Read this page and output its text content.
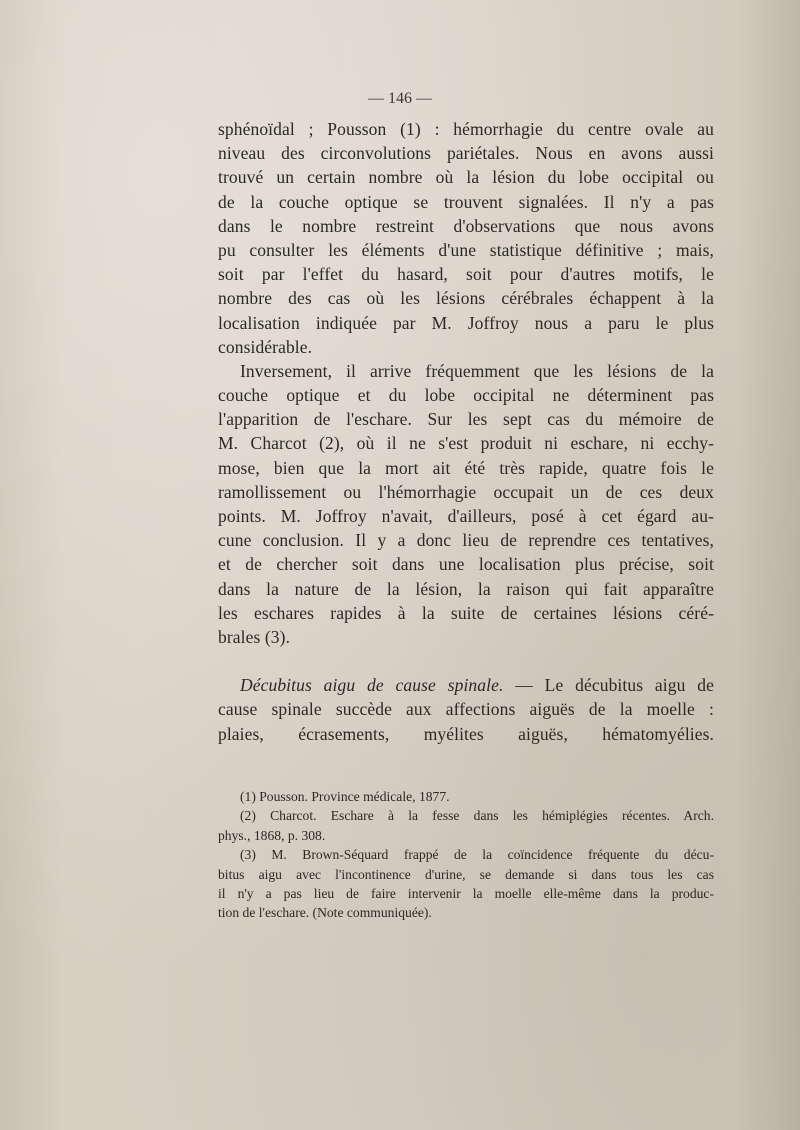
— 146 —
sphénoïdal ; Pousson (1) : hémorrhagie du centre ovale au
niveau des circonvolutions pariétales. Nous en avons aussi
trouvé un certain nombre où la lésion du lobe occipital ou
de la couche optique se trouvent signalées. Il n'y a pas
dans le nombre restreint d'observations que nous avons
pu consulter les éléments d'une statistique définitive ; mais,
soit par l'effet du hasard, soit pour d'autres motifs, le
nombre des cas où les lésions cérébrales échappent à la
localisation indiquée par M. Joffroy nous a paru le plus
considérable.
Inversement, il arrive fréquemment que les lésions de la
couche optique et du lobe occipital ne déterminent pas
l'apparition de l'eschare. Sur les sept cas du mémoire de
M. Charcot (2), où il ne s'est produit ni eschare, ni ecchy-
mose, bien que la mort ait été très rapide, quatre fois le
ramollissement ou l'hémorrhagie occupait un de ces deux
points. M. Joffroy n'avait, d'ailleurs, posé à cet égard au-
cune conclusion. Il y a donc lieu de reprendre ces tentatives,
et de chercher soit dans une localisation plus précise, soit
dans la nature de la lésion, la raison qui fait apparaître
les eschares rapides à la suite de certaines lésions céré-
brales (3).
Décubitus aigu de cause spinale. — Le décubitus aigu de
cause spinale succède aux affections aiguës de la moelle :
plaies, écrasements, myélites aiguës, hématomyélies.
(1) Pousson. Province médicale, 1877.
(2) Charcot. Eschare à la fesse dans les hémiplégies récentes. Arch.
phys., 1868, p. 308.
(3) M. Brown-Séquard frappé de la coïncidence fréquente du décu-
bitus aigu avec l'incontinence d'urine, se demande si dans tous les cas
il n'y a pas lieu de faire intervenir la moelle elle-même dans la produc-
tion de l'eschare. (Note communiquée).
